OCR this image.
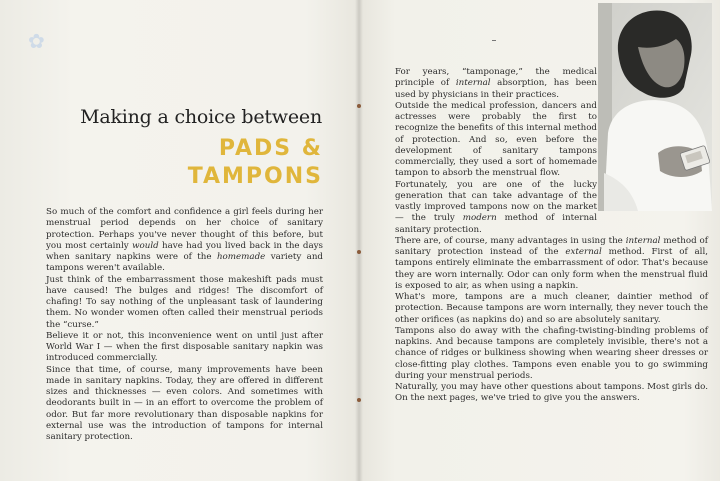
✿
Making a choice between
PADS &
TAMPONS

So much of the comfort and confidence a girl feels during her menstrual period depends on her choice of sanitary protection. Perhaps you've never thought of this before, but you most certainly would have had you lived back in the days when sanitary napkins were of the homemade variety and tampons weren't available.

Just think of the embarrassment those makeshift pads must have caused! The bulges and ridges! The discomfort of chafing! To say nothing of the unpleasant task of laundering them. No wonder women often called their menstrual periods the “curse.”

Believe it or not, this inconvenience went on until just after World War I — when the first disposable sanitary napkin was introduced commercially.

Since that time, of course, many improvements have been made in sanitary napkins. Today, they are offered in different sizes and thicknesses — even colors. And sometimes with deodorants built in — in an effort to overcome the problem of odor. But far more revolutionary than disposable napkins for external use was the introduction of tampons for internal sanitary protection.

For years, “tamponage,” the medical principle of internal absorption, has been used by physicians in their practices.

Outside the medical profession, dancers and actresses were probably the first to recognize the benefits of this internal method of protection. And so, even before the development of sanitary tampons commercially, they used a sort of homemade tampon to absorb the menstrual flow.

Fortunately, you are one of the lucky generation that can take advantage of the vastly improved tampons now on the market — the truly modern method of internal sanitary protection.

There are, of course, many advantages in using the internal method of sanitary protection instead of the external method. First of all, tampons entirely eliminate the embarrassment of odor. That's because they are worn internally. Odor can only form when the menstrual fluid is exposed to air, as when using a napkin.

What's more, tampons are a much cleaner, daintier method of protection. Because tampons are worn internally, they never touch the other orifices (as napkins do) and so are absolutely sanitary.

Tampons also do away with the chafing-twisting-binding problems of napkins. And because tampons are completely invisible, there's not a chance of ridges or bulkiness showing when wearing sheer dresses or close-fitting play clothes. Tampons even enable you to go swimming during your menstrual periods.

Naturally, you may have other questions about tampons. Most girls do. On the next pages, we've tried to give you the answers.
